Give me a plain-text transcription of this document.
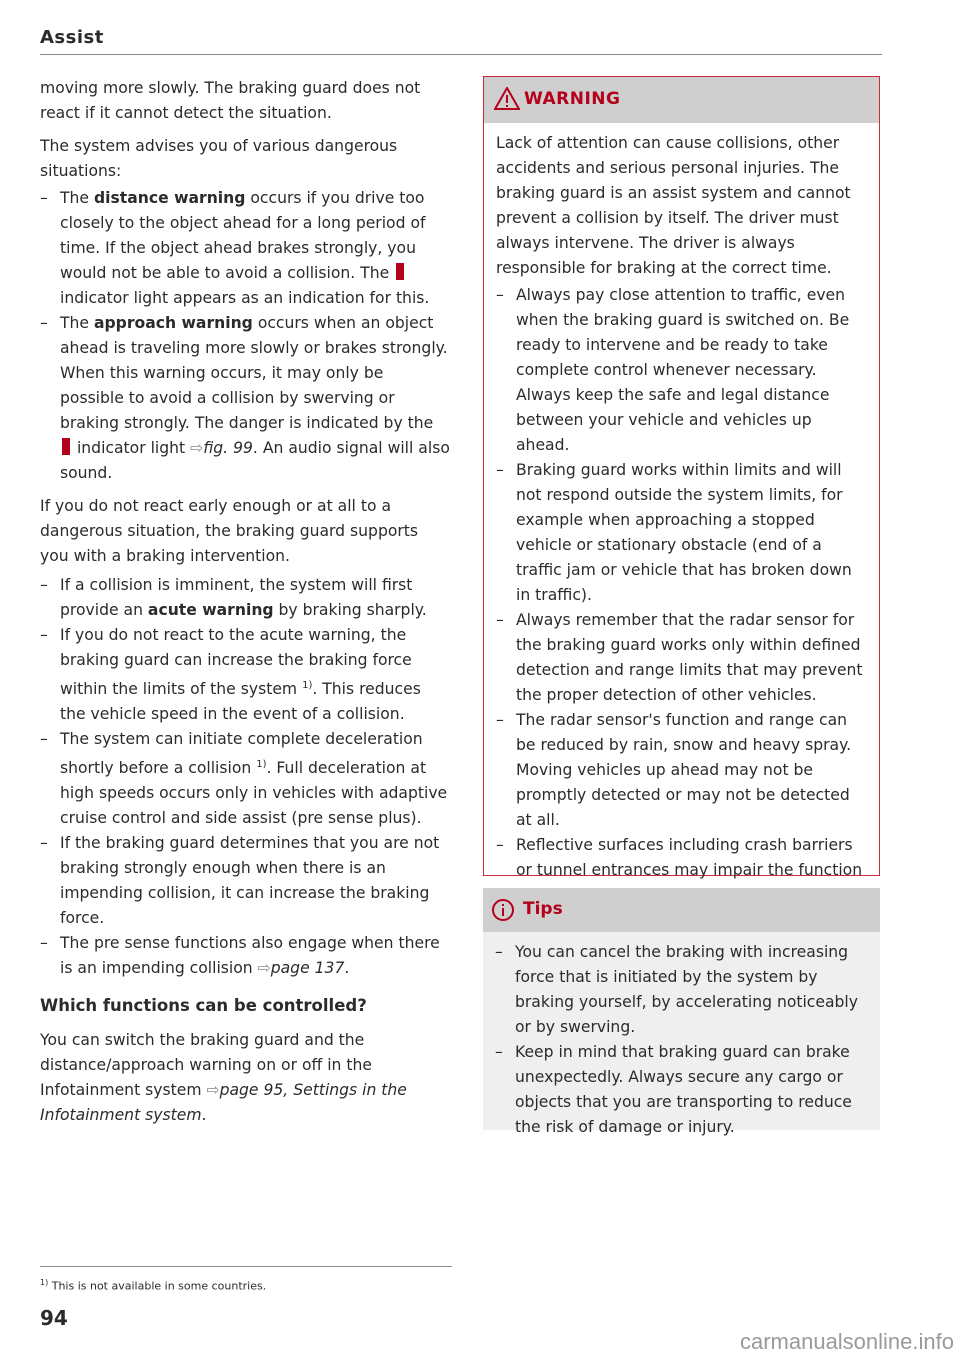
Assist

moving more slowly. The braking guard does not react if it cannot detect the situation.

The system advises you of various dangerous situations:

– The distance warning occurs if you drive too closely to the object ahead for a long period of time. If the object ahead brakes strongly, you would not be able to avoid a collision. The  indicator light appears as an indication for this.
– The approach warning occurs when an object ahead is traveling more slowly or brakes strongly. When this warning occurs, it may only be possible to avoid a collision by swerving or braking strongly. The danger is indicated by the  indicator light ⇨fig. 99. An audio signal will also sound.

If you do not react early enough or at all to a dangerous situation, the braking guard supports you with a braking intervention.

– If a collision is imminent, the system will first provide an acute warning by braking sharply.
– If you do not react to the acute warning, the braking guard can increase the braking force within the limits of the system $^{1)}$. This reduces the vehicle speed in the event of a collision.
– The system can initiate complete deceleration shortly before a collision $^{1)}$. Full deceleration at high speeds occurs only in vehicles with adaptive cruise control and side assist (pre sense plus).
– If the braking guard determines that you are not braking strongly enough when there is an impending collision, it can increase the braking force.
– The pre sense functions also engage when there is an impending collision ⇨page 137.
Which functions can be controlled?

You can switch the braking guard and the distance/approach warning on or off in the Infotainment system ⇨page 95, Settings in the Infotainment system.

$^{1)}$ This is not available in some countries.
94
WARNING

Lack of attention can cause collisions, other accidents and serious personal injuries. The braking guard is an assist system and cannot prevent a collision by itself. The driver must always intervene. The driver is always responsible for braking at the correct time.

– Always pay close attention to traffic, even when the braking guard is switched on. Be ready to intervene and be ready to take complete control whenever necessary. Always keep the safe and legal distance between your vehicle and vehicles up ahead.
– Braking guard works within limits and will not respond outside the system limits, for example when approaching a stopped vehicle or stationary obstacle (end of a traffic jam or vehicle that has broken down in traffic).
– Always remember that the radar sensor for the braking guard works only within defined detection and range limits that may prevent the proper detection of other vehicles.
– The radar sensor's function and range can be reduced by rain, snow and heavy spray. Moving vehicles up ahead may not be promptly detected or may not be detected at all.
– Reflective surfaces including crash barriers or tunnel entrances may impair the function
Tips
– You can cancel the braking with increasing force that is initiated by the system by braking yourself, by accelerating noticeably or by swerving.
– Keep in mind that braking guard can brake unexpectedly. Always secure any cargo or objects that you are transporting to reduce the risk of damage or injury.
carmanualsonline.info
